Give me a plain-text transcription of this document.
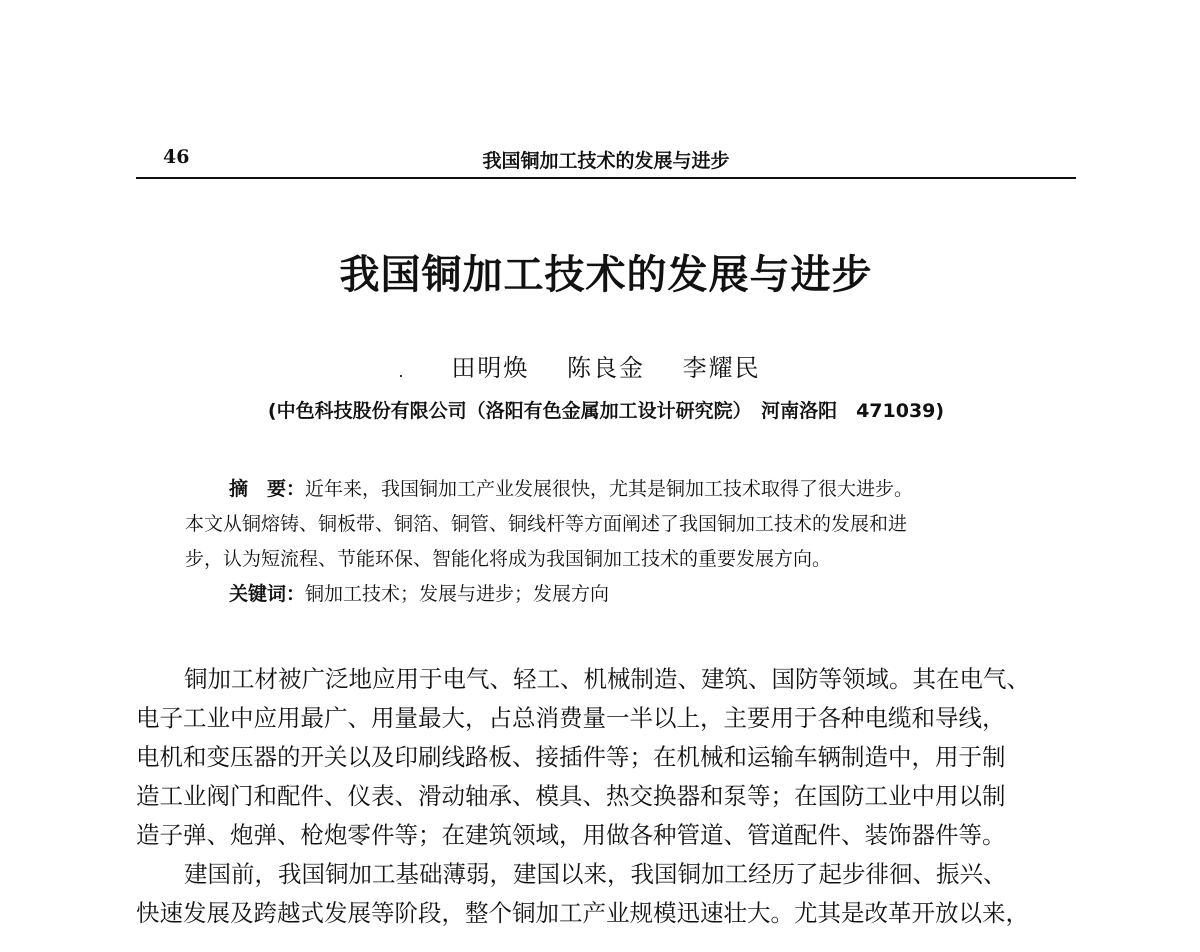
46	我国铜加工技术的发展与进步
我国铜加工技术的发展与进步
田明焕 陈良金 李耀民
(中色科技股份有限公司（洛阳有色金属加工设计研究院）　河南洛阳　471039)
摘　要：近年来，我国铜加工产业发展很快，尤其是铜加工技术取得了很大进步。
本文从铜熔铸、铜板带、铜箔、铜管、铜线杆等方面阐述了我国铜加工技术的发展和进
步，认为短流程、节能环保、智能化将成为我国铜加工技术的重要发展方向。
关键词：铜加工技术；发展与进步；发展方向
铜加工材被广泛地应用于电气、轻工、机械制造、建筑、国防等领域。其在电气、
电子工业中应用最广、用量最大，占总消费量一半以上，主要用于各种电缆和导线，
电机和变压器的开关以及印刷线路板、接插件等；在机械和运输车辆制造中，用于制
造工业阀门和配件、仪表、滑动轴承、模具、热交换器和泵等；在国防工业中用以制
造子弹、炮弹、枪炮零件等；在建筑领域，用做各种管道、管道配件、装饰器件等。
建国前，我国铜加工基础薄弱，建国以来，我国铜加工经历了起步徘徊、振兴、
快速发展及跨越式发展等阶段，整个铜加工产业规模迅速壮大。尤其是改革开放以来，
